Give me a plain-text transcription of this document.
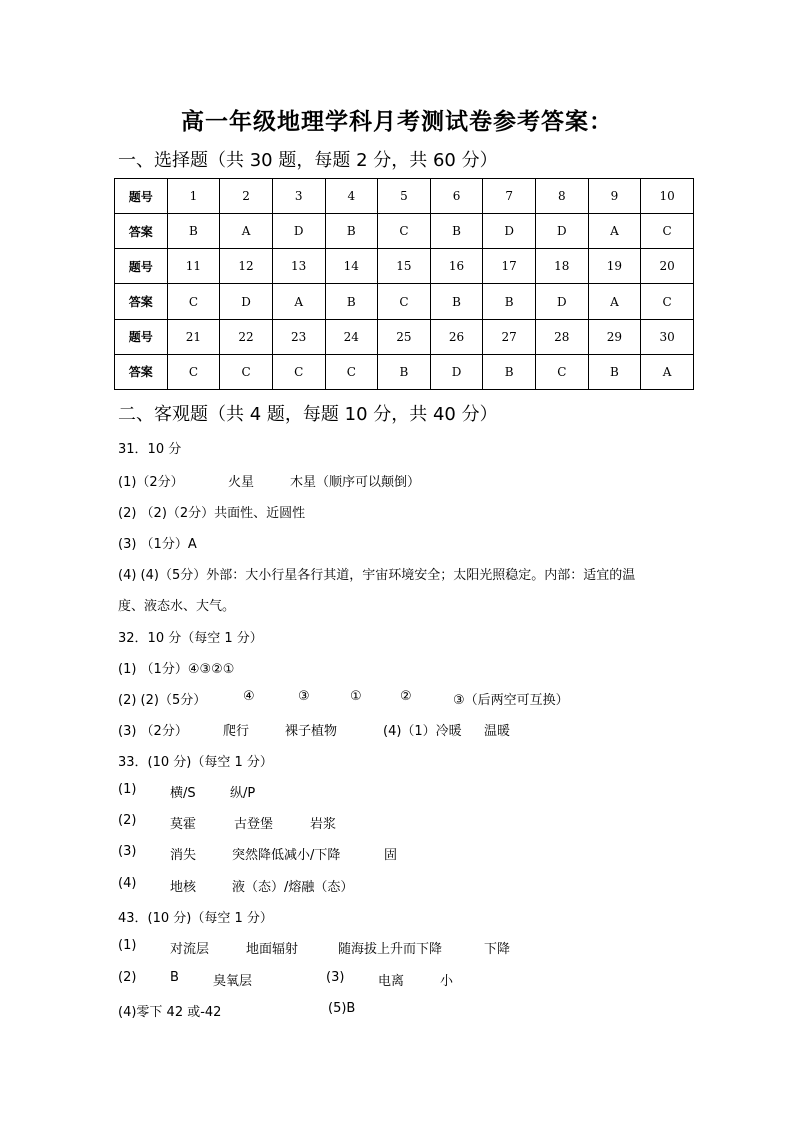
高一年级地理学科月考测试卷参考答案：
一、选择题（共 30 题，每题 2 分，共 60 分）
题号	1	2	3	4	5	6	7	8	9	10
答案	B	A	D	B	C	B	D	D	A	C
题号	11	12	13	14	15	16	17	18	19	20
答案	C	D	A	B	C	B	B	D	A	C
题号	21	22	23	24	25	26	27	28	29	30
答案	C	C	C	C	B	D	B	C	B	A
二、客观题（共 4 题，每题 10 分，共 40 分）
31．10 分
(1)（2分）	火星	木星（顺序可以颠倒）
(2) （2)（2分）共面性、近圆性
(3) （1分）A
(4) (4)（5分）外部：大小行星各行其道，宇宙环境安全；太阳光照稳定。内部：适宜的温
度、液态水、大气。
32．10 分（每空 1 分）
(1) （1分）④③②①
(2) (2)（5分）	④	③	①	②	③（后两空可互换）
(3) （2分）	爬行	裸子植物	(4)（1）冷暖 温暖
33．(10 分)（每空 1 分）
(1)	横/S	纵/P
(2)	莫霍	古登堡	岩浆
(3)	消失	突然降低减小/下降	固
(4)	地核	液（态）/熔融（态）
43．(10 分)（每空 1 分）
(1)	对流层	地面辐射	随海拔上升而下降	下降
(2)	B	臭氧层	(3)	电离	小
(4)零下 42 或-42	(5)B
